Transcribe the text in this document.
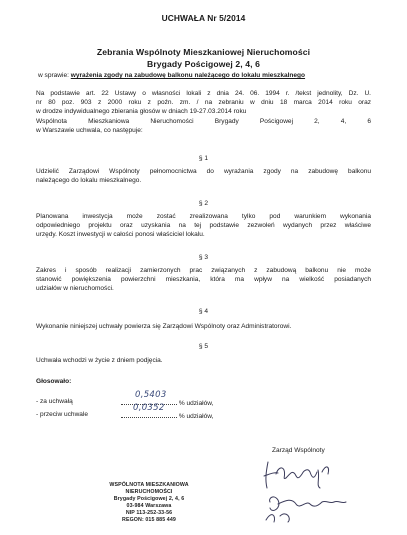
UCHWAŁA Nr 5/2014
Zebrania Wspólnoty Mieszkaniowej Nieruchomości
Brygady Pościgowej 2, 4, 6
w sprawie: wyrażenia zgody na zabudowę balkonu należącego do lokalu mieszkalnego
Na podstawie art. 22 Ustawy o własności lokali z dnia 24. 06. 1994 r. /tekst jednolity, Dz. U.
nr 80 poz. 903 z 2000 roku z poźn. zm. / na zebraniu w dniu 18 marca 2014 roku oraz
w drodze indywidualnego zbierania głosów w dniach 19-27.03.2014 roku
Wspólnota Mieszkaniowa Nieruchomości Brygady Pościgowej 2, 4, 6
w Warszawie uchwala, co następuje:
§ 1
Udzielić Zarządowi Wspólnoty pełnomocnictwa do wyrażania zgody na zabudowę balkonu
należącego do lokalu mieszkalnego.
§ 2
Planowana inwestycja może zostać zrealizowana tylko pod warunkiem wykonania
odpowiedniego projektu oraz uzyskania na tej podstawie zezwoleń wydanych przez właściwe
urzędy. Koszt inwestycji w całości ponosi właściciel lokalu.
§ 3
Zakres i sposób realizacji zamierzonych prac związanych z zabudową balkonu nie może
stanowić powiększenia powierzchni mieszkania, która ma wpływ na wielkość posiadanych
udziałów w nieruchomości.
§ 4
Wykonanie niniejszej uchwały powierza się Zarządowi Wspólnoty oraz Administratorowi.
§ 5
Uchwała wchodzi w życie z dniem podjęcia.
Głosowało:
- za uchwałą
0,5403
% udziałów,
- przeciw uchwale
0,0352
% udziałów,
WSPÓLNOTA MIESZKANIOWA
NIERUCHOMOŚCI
Brygady Pościgowej 2, 4, 6
03-984 Warszawa
NIP 113-252-33-56
REGON: 015 885 449
Zarząd Wspólnoty
